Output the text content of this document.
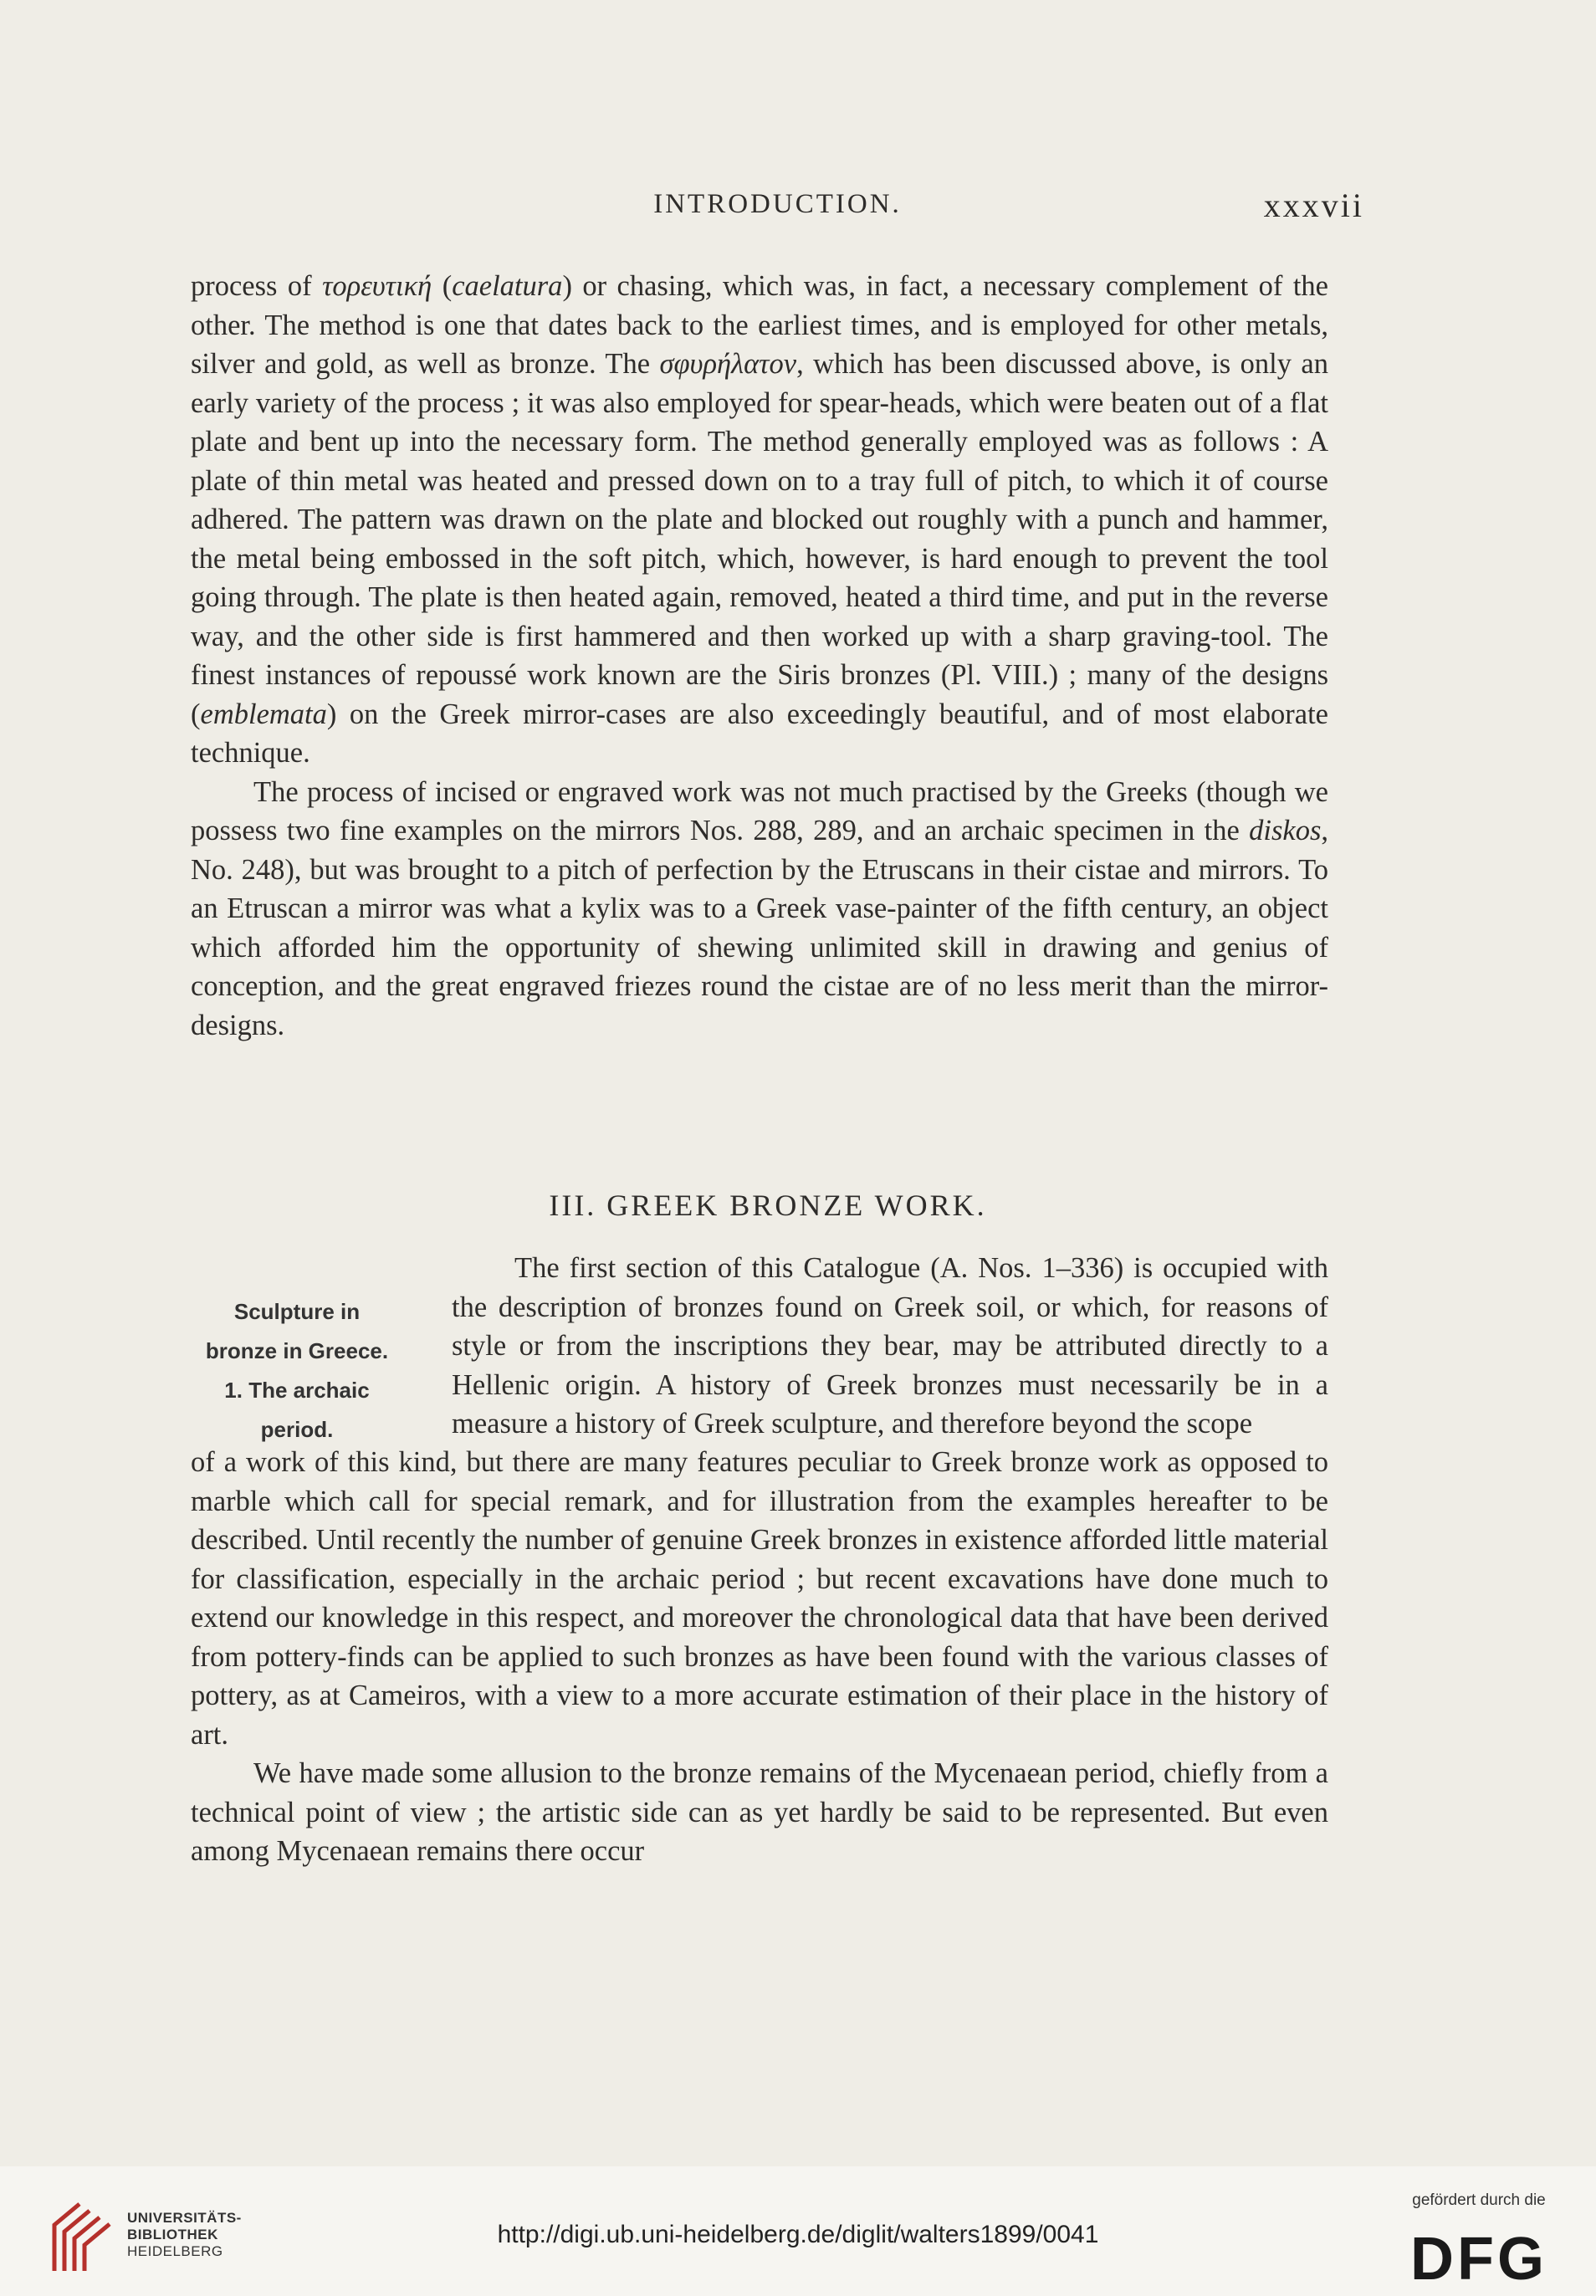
INTRODUCTION.	xxxvii

process of τορευτική (caelatura) or chasing, which was, in fact, a necessary complement of the other. The method is one that dates back to the earliest times, and is employed for other metals, silver and gold, as well as bronze. The σφυρήλατον, which has been discussed above, is only an early variety of the process ; it was also employed for spear-heads, which were beaten out of a flat plate and bent up into the necessary form. The method generally employed was as follows : A plate of thin metal was heated and pressed down on to a tray full of pitch, to which it of course adhered. The pattern was drawn on the plate and blocked out roughly with a punch and hammer, the metal being embossed in the soft pitch, which, however, is hard enough to prevent the tool going through. The plate is then heated again, removed, heated a third time, and put in the reverse way, and the other side is first hammered and then worked up with a sharp graving-tool. The finest instances of repoussé work known are the Siris bronzes (Pl. VIII.) ; many of the designs (emblemata) on the Greek mirror-cases are also exceedingly beautiful, and of most elaborate technique.

The process of incised or engraved work was not much practised by the Greeks (though we possess two fine examples on the mirrors Nos. 288, 289, and an archaic specimen in the diskos, No. 248), but was brought to a pitch of perfection by the Etruscans in their cistae and mirrors. To an Etruscan a mirror was what a kylix was to a Greek vase-painter of the fifth century, an object which afforded him the opportunity of shewing unlimited skill in drawing and genius of conception, and the great engraved friezes round the cistae are of no less merit than the mirror-designs.

III. GREEK BRONZE WORK.
Sculpture in
bronze in Greece.
1. The archaic
period.

The first section of this Catalogue (A. Nos. 1–336) is occupied with the description of bronzes found on Greek soil, or which, for reasons of style or from the inscriptions they bear, may be attributed directly to a Hellenic origin. A history of Greek bronzes must necessarily be in a measure a history of Greek sculpture, and therefore beyond the scope

of a work of this kind, but there are many features peculiar to Greek bronze work as opposed to marble which call for special remark, and for illustration from the examples hereafter to be described. Until recently the number of genuine Greek bronzes in existence afforded little material for classification, especially in the archaic period ; but recent excavations have done much to extend our knowledge in this respect, and moreover the chronological data that have been derived from pottery-finds can be applied to such bronzes as have been found with the various classes of pottery, as at Cameiros, with a view to a more accurate estimation of their place in the history of art.

We have made some allusion to the bronze remains of the Mycenaean period, chiefly from a technical point of view ; the artistic side can as yet hardly be said to be represented. But even among Mycenaean remains there occur

UNIVERSITÄTS-
BIBLIOTHEK
HEIDELBERG
http://digi.ub.uni-heidelberg.de/diglit/walters1899/0041
gefördert durch die
DFG
